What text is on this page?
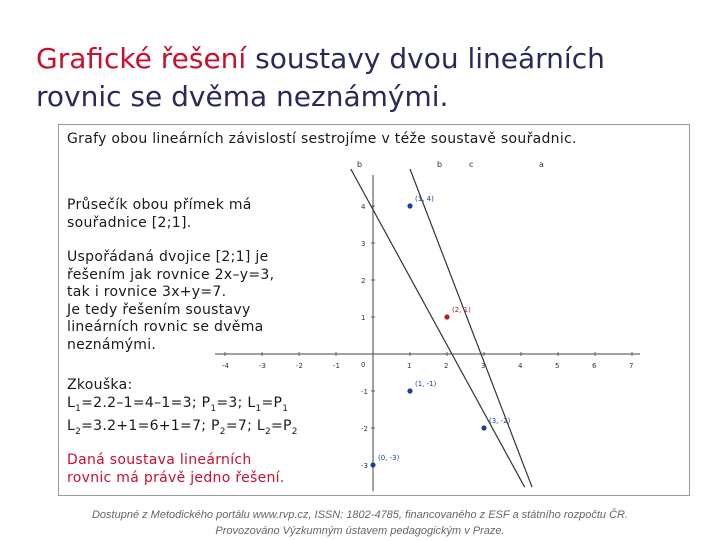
Grafické řešení soustavy dvou lineárních
rovnic se dvěma neznámými.
-4	-3	-2	-1	0	1	2	3	4	5	6	7
-3
-2
-1
1
2
3
4
b	b	c	a
(1, 4)
(1, -1)
(3, -2)
(0, -3)
(2, 1)
Grafy obou lineárních závislostí sestrojíme v téže soustavě souřadnic.
Průsečík obou přímek má
souřadnice [2;1].
Uspořádaná dvojice [2;1] je
řešením jak rovnice 2x–y=3,
tak i rovnice 3x+y=7.
Je tedy řešením soustavy
lineárních rovnic se dvěma
neznámými.
Zkouška:
$L_1=2.2-1=4-1=3$; $P_1=3$; $L_1=P_1$
$L_2=3.2+1=6+1=7$; $P_2=7$; $L_2=P_2$
Daná soustava lineárních
rovnic má právě jedno řešení.
Dostupné z Metodického portálu www.rvp.cz, ISSN: 1802-4785, financovaného z ESF a státního rozpočtu ČR.
Provozováno Výzkumným ústavem pedagogickým v Praze.
